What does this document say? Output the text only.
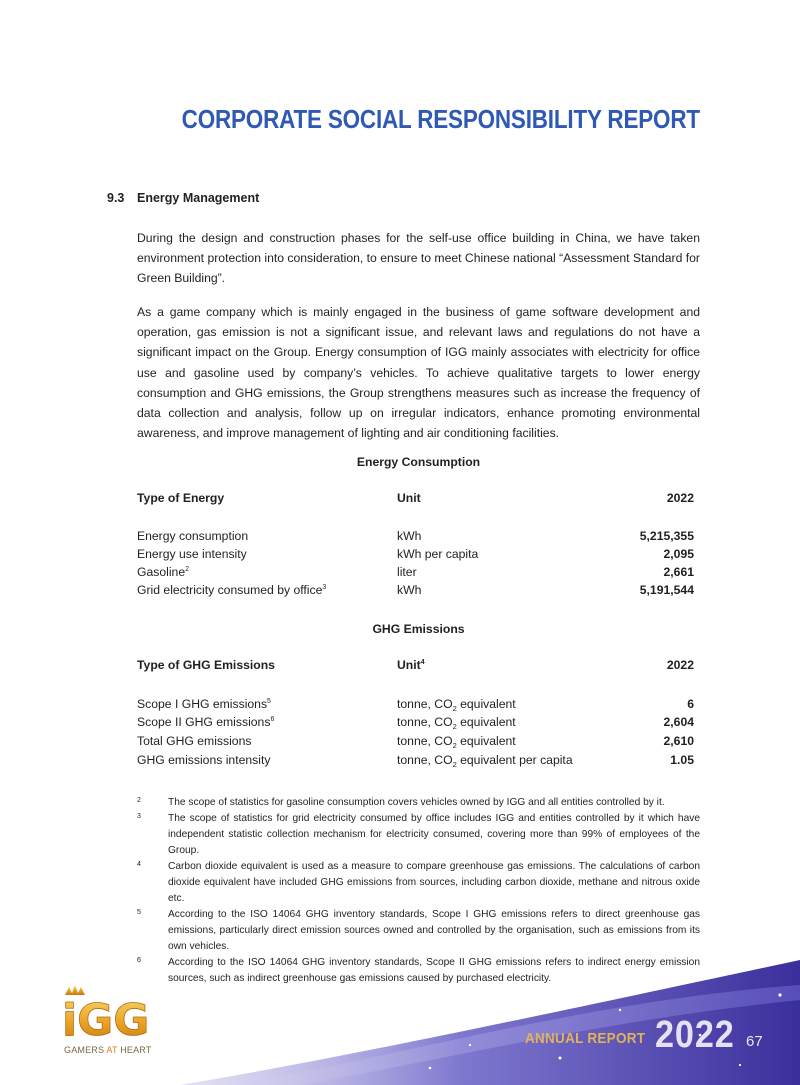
CORPORATE SOCIAL RESPONSIBILITY REPORT
9.3 Energy Management
During the design and construction phases for the self-use office building in China, we have taken environment protection into consideration, to ensure to meet Chinese national “Assessment Standard for Green Building”.
As a game company which is mainly engaged in the business of game software development and operation, gas emission is not a significant issue, and relevant laws and regulations do not have a significant impact on the Group. Energy consumption of IGG mainly associates with electricity for office use and gasoline used by company’s vehicles. To achieve qualitative targets to lower energy consumption and GHG emissions, the Group strengthens measures such as increase the frequency of data collection and analysis, follow up on irregular indicators, enhance promoting environmental awareness, and improve management of lighting and air conditioning facilities.
Energy Consumption
Type of Energy	Unit	2022
Energy consumption	kWh	5,215,355
Energy use intensity	kWh per capita	2,095
Gasoline$^2$	liter	2,661
Grid electricity consumed by office$^3$	kWh	5,191,544
GHG Emissions
Type of GHG Emissions	Unit$^4$	2022
Scope I GHG emissions$^5$	tonne, $CO_2$ equivalent	6
Scope II GHG emissions$^6$	tonne, $CO_2$ equivalent	2,604
Total GHG emissions	tonne, $CO_2$ equivalent	2,610
GHG emissions intensity	tonne, $CO_2$ equivalent per capita	1.05
2	The scope of statistics for gasoline consumption covers vehicles owned by IGG and all entities controlled by it.
3	The scope of statistics for grid electricity consumed by office includes IGG and entities controlled by it which have independent statistic collection mechanism for electricity consumed, covering more than 99% of employees of the Group.
4	Carbon dioxide equivalent is used as a measure to compare greenhouse gas emissions. The calculations of carbon dioxide equivalent have included GHG emissions from sources, including carbon dioxide, methane and nitrous oxide etc.
5	According to the ISO 14064 GHG inventory standards, Scope I GHG emissions refers to direct greenhouse gas emissions, particularly direct emission sources owned and controlled by the organisation, such as emissions from its own vehicles.
6	According to the ISO 14064 GHG inventory standards, Scope II GHG emissions refers to indirect energy emission sources, such as indirect greenhouse gas emissions caused by purchased electricity.
iGG
GAMERS AT HEART
ANNUAL REPORT 2022 67
